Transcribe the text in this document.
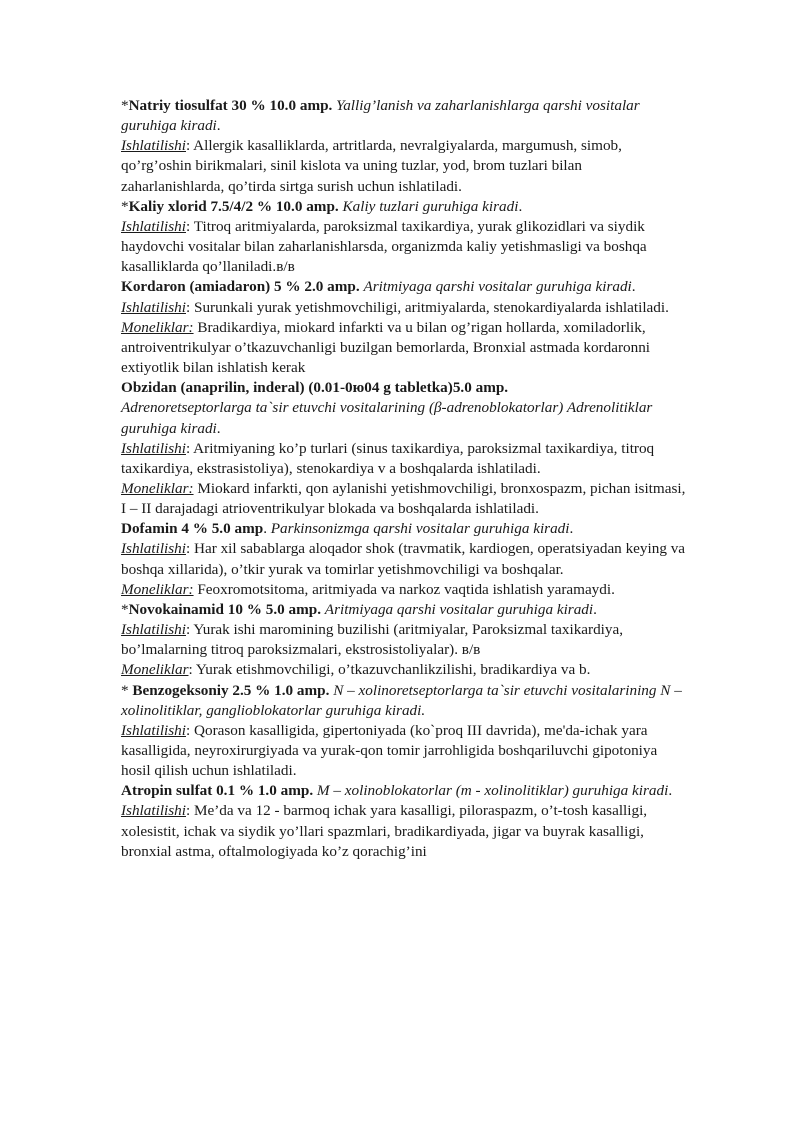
*Natriy tiosulfat 30 % 10.0 amp. Yallig’lanish va zaharlanishlarga qarshi vositalar guruhiga kiradi.

Ishlatilishi: Allergik kasalliklarda, artritlarda, nevralgiyalarda, margumush, simob, qo’rg’oshin birikmalari, sinil kislota va uning tuzlar, yod, brom tuzlari bilan zaharlanishlarda, qo’tirda sirtga surish uchun ishlatiladi.

*Kaliy xlorid 7.5/4/2 % 10.0 amp. Kaliy tuzlari guruhiga kiradi.

Ishlatilishi: Titroq aritmiyalarda, paroksizmal taxikardiya, yurak glikozidlari va siydik haydovchi vositalar bilan zaharlanishlarsda, organizmda kaliy yetishmasligi va boshqa kasalliklarda qo’llaniladi.в/в

Kordaron (amiadaron) 5 % 2.0 amp. Aritmiyaga qarshi vositalar guruhiga kiradi.

Ishlatilishi: Surunkali yurak yetishmovchiligi, aritmiyalarda, stenokardiyalarda ishlatiladi.

Moneliklar: Bradikardiya, miokard infarkti va u bilan og’rigan hollarda, xomiladorlik, antroiventrikulyar o’tkazuvchanligi buzilgan bemorlarda, Bronxial astmada kordaronni extiyotlik bilan ishlatish kerak

Obzidan (anaprilin, inderal) (0.01-0ю04 g tabletka)5.0 amp.

Adrenoretseptorlarga ta`sir etuvchi vositalarining (β-adrenoblokatorlar) Adrenolitiklar guruhiga kiradi.

Ishlatilishi: Aritmiyaning ko’p turlari (sinus taxikardiya, paroksizmal taxikardiya, titroq taxikardiya, ekstrasistoliya), stenokardiya v a boshqalarda ishlatiladi.

Moneliklar: Miokard infarkti, qon aylanishi yetishmovchiligi, bronxospazm, pichan isitmasi, I – II darajadagi atrioventrikulyar blokada va boshqalarda ishlatiladi.

Dofamin 4 % 5.0 amp. Parkinsonizmga qarshi vositalar guruhiga kiradi.

Ishlatilishi: Har xil sabablarga aloqador shok (travmatik, kardiogen, operatsiyadan keying va boshqa xillarida), o’tkir yurak va tomirlar yetishmovchiligi va boshqalar.

Moneliklar: Feoxromotsitoma, aritmiyada va narkoz vaqtida ishlatish yaramaydi.

*Novokainamid 10 % 5.0 amp. Aritmiyaga qarshi vositalar guruhiga kiradi.

Ishlatilishi: Yurak ishi maromining buzilishi (aritmiyalar, Paroksizmal taxikardiya, bo’lmalarning titroq paroksizmalari, ekstrosistoliyalar). в/в

Moneliklar: Yurak etishmovchiligi, o’tkazuvchanlikzilishi, bradikardiya va b.

* Benzogeksoniy 2.5 % 1.0 amp. N – xolinoretseptorlarga ta`sir etuvchi vositalarining N – xolinolitiklar, ganglioblokatorlar guruhiga kiradi.

Ishlatilishi: Qorason kasalligida, gipertoniyada (ko`proq III davrida), me'da-ichak yara kasalligida, neyroxirurgiyada va yurak-qon tomir jarrohligida boshqariluvchi gipotoniya hosil qilish uchun ishlatiladi.

Atropin sulfat 0.1 % 1.0 amp. M – xolinoblokatorlar (m - xolinolitiklar) guruhiga kiradi.

Ishlatilishi: Me’da va 12 - barmoq ichak yara kasalligi, piloraspazm, o’t-tosh kasalligi, xolesistit, ichak va siydik yo’llari spazmlari, bradikardiyada, jigar va buyrak kasalligi, bronxial astma, oftalmologiyada ko’z qorachig’ini
